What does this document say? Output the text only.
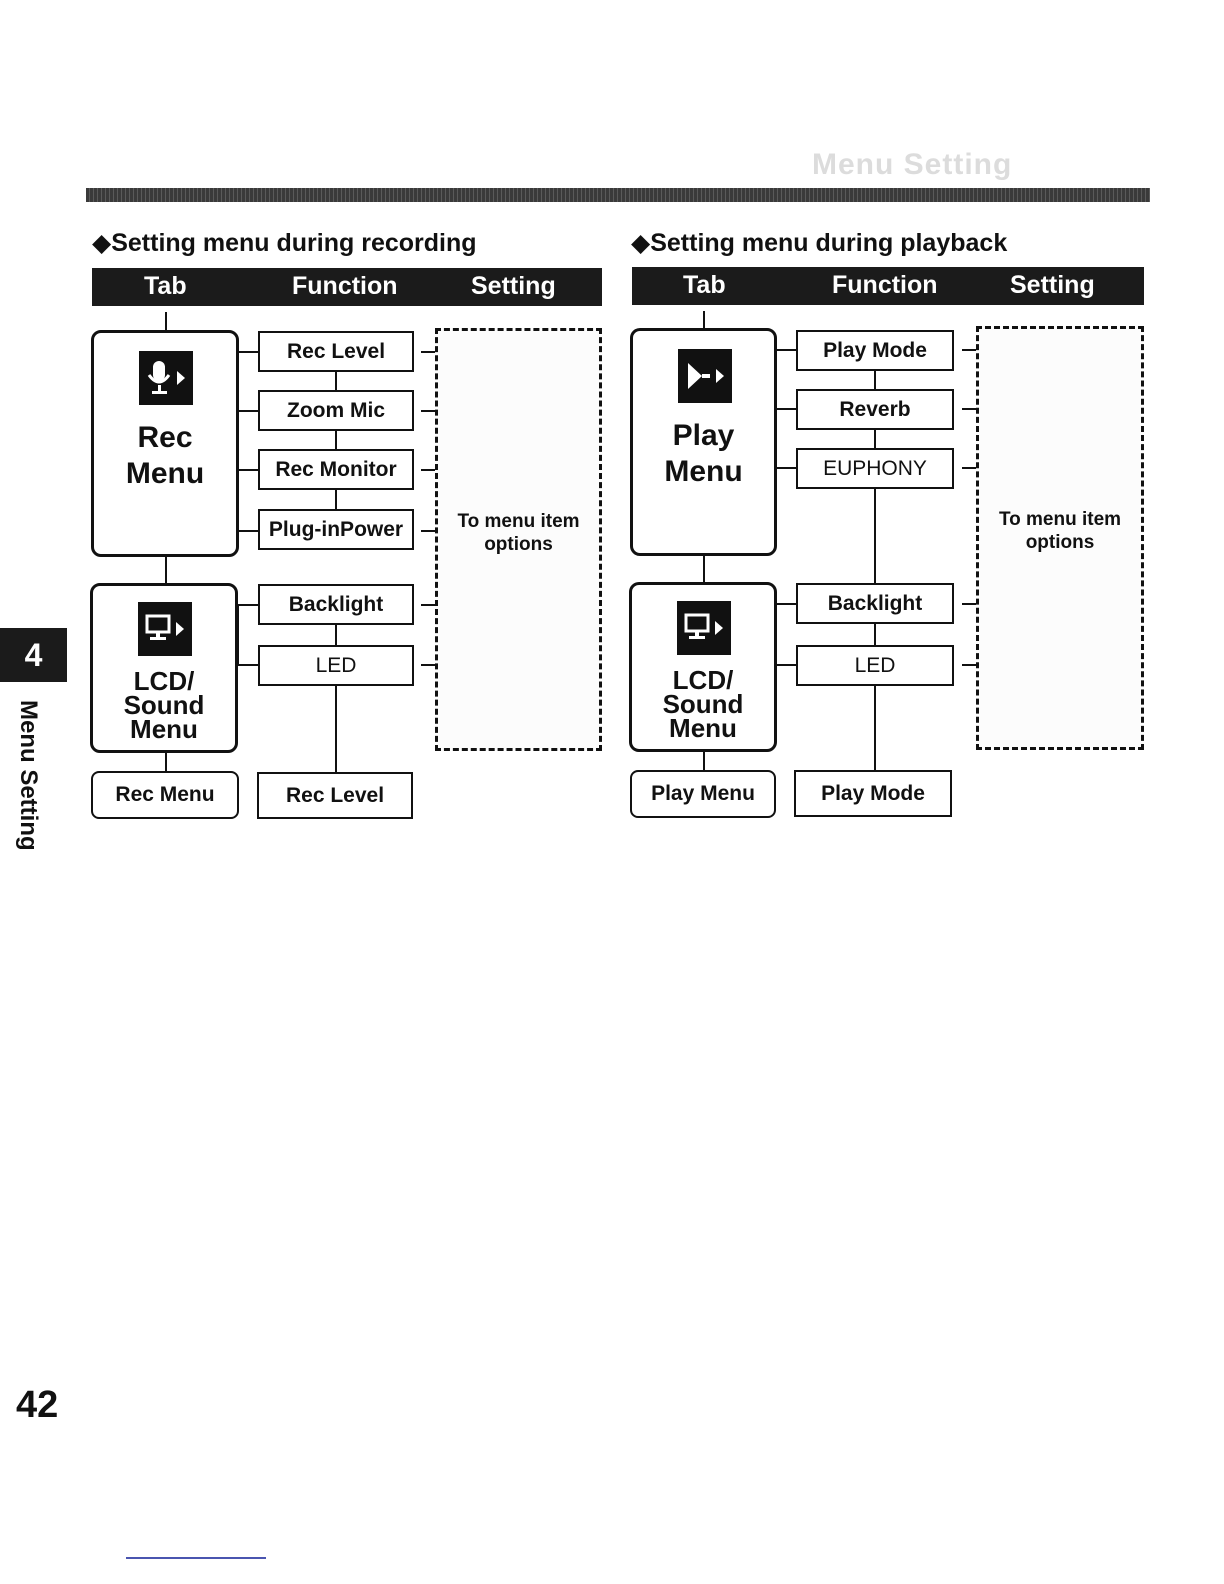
Menu Setting
4
Menu Setting
◆Setting menu during recording
Tab	Function	Setting
Rec
Menu
LCD/
Sound
Menu
Rec Menu	Rec Level
Rec Level
Zoom Mic
Rec Monitor
Plug-inPower
Backlight
LED
To menu item
options
◆Setting menu during playback
Tab	Function	Setting
Play
Menu
LCD/
Sound
Menu
Play Menu	Play Mode
Play Mode
Reverb
EUPHONY
Backlight
LED
To menu item
options
42
